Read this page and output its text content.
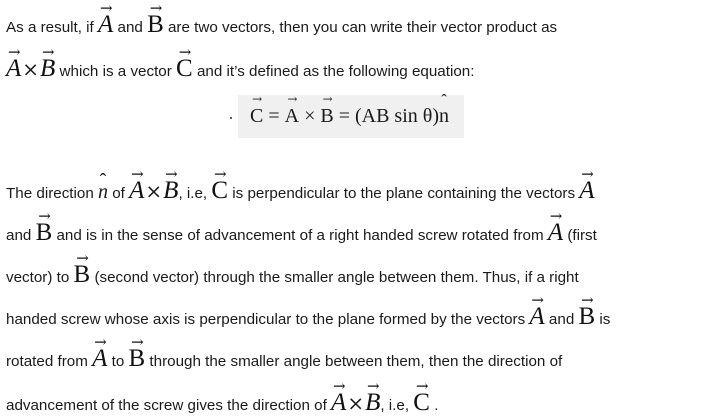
As a result, if → A and → B are two vectors, then you can write their vector product as
→ A×→ B which is a vector → C and it’s defined as the following equation:
·
→ C = → A × → B = (AB sin θ)ˆ n
The direction ˆ n of → A×→ B, i.e, → C is perpendicular to the plane containing the vectors → A
and → B and is in the sense of advancement of a right handed screw rotated from → A (first
vector) to → B (second vector) through the smaller angle between them. Thus, if a right
handed screw whose axis is perpendicular to the plane formed by the vectors → A and → B is
rotated from → A to → B through the smaller angle between them, then the direction of
advancement of the screw gives the direction of → A×→ B, i.e, → C .
